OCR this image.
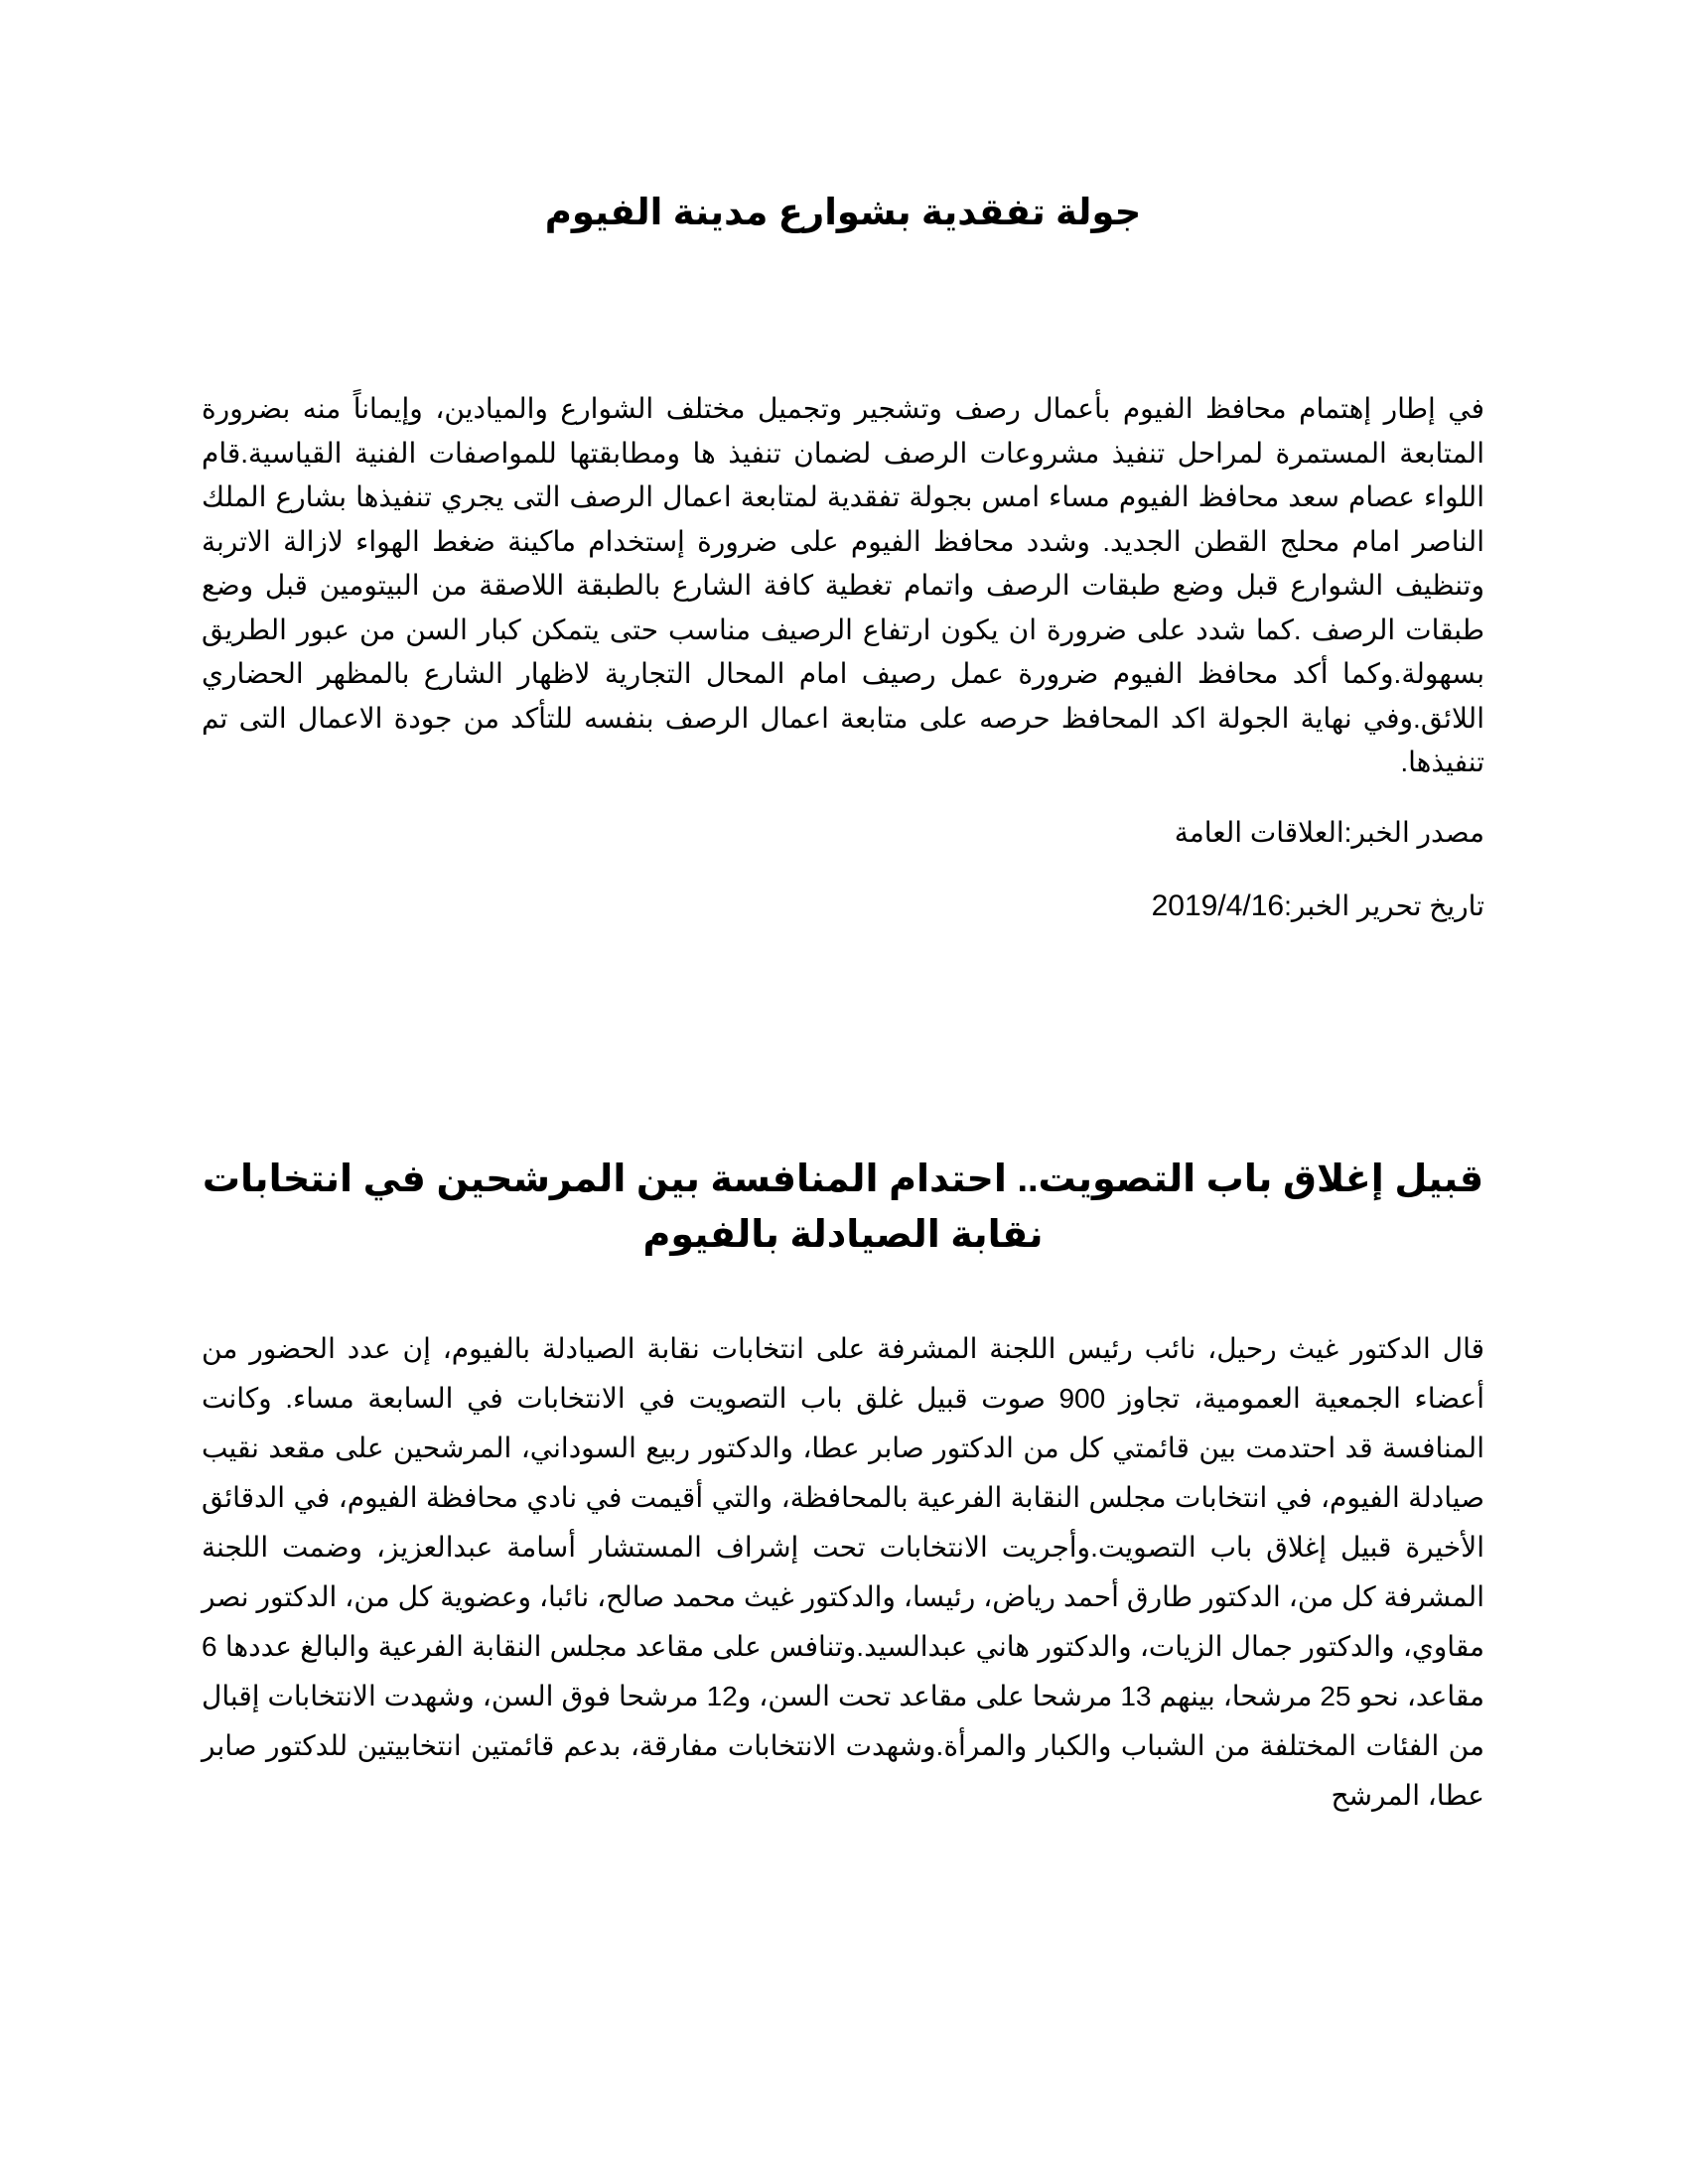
جولة تفقدية بشوارع مدينة الفيوم

في إطار إهتمام محافظ الفيوم بأعمال رصف وتشجير وتجميل مختلف الشوارع والميادين، وإيماناً منه بضرورة المتابعة المستمرة لمراحل تنفيذ مشروعات الرصف لضمان تنفيذ ها ومطابقتها للمواصفات الفنية القياسية.قام اللواء عصام سعد محافظ الفيوم مساء امس بجولة تفقدية لمتابعة اعمال الرصف التى يجري تنفيذها بشارع الملك الناصر امام محلج القطن الجديد. وشدد محافظ الفيوم على ضرورة إستخدام ماكينة ضغط الهواء لازالة الاتربة وتنظيف الشوارع قبل وضع طبقات الرصف واتمام تغطية كافة الشارع بالطبقة اللاصقة من البيتومين قبل وضع طبقات الرصف .كما شدد على ضرورة ان يكون ارتفاع الرصيف مناسب حتى يتمكن كبار السن من عبور الطريق بسهولة.وكما أكد محافظ الفيوم ضرورة عمل رصيف امام المحال التجارية لاظهار الشارع بالمظهر الحضاري اللائق.وفي نهاية الجولة اكد المحافظ حرصه على متابعة اعمال الرصف بنفسه للتأكد من جودة الاعمال التى تم تنفيذها.

مصدر الخبر:العلاقات العامة

تاريخ تحرير الخبر:2019/4/16

قبيل إغلاق باب التصويت.. احتدام المنافسة بين المرشحين في انتخابات نقابة الصيادلة بالفيوم

قال الدكتور غيث رحيل، نائب رئيس اللجنة المشرفة على انتخابات نقابة الصيادلة بالفيوم، إن عدد الحضور من أعضاء الجمعية العمومية، تجاوز 900 صوت قبيل غلق باب التصويت في الانتخابات في السابعة مساء. وكانت المنافسة قد احتدمت بين قائمتي كل من الدكتور صابر عطا، والدكتور ربيع السوداني، المرشحين على مقعد نقيب صيادلة الفيوم، في انتخابات مجلس النقابة الفرعية بالمحافظة، والتي أقيمت في نادي محافظة الفيوم، في الدقائق الأخيرة قبيل إغلاق باب التصويت.وأجريت الانتخابات تحت إشراف المستشار أسامة عبدالعزيز، وضمت اللجنة المشرفة كل من، الدكتور طارق أحمد رياض، رئيسا، والدكتور غيث محمد صالح، نائبا، وعضوية كل من، الدكتور نصر مقاوي، والدكتور جمال الزيات، والدكتور هاني عبدالسيد.وتنافس على مقاعد مجلس النقابة الفرعية والبالغ عددها 6 مقاعد، نحو 25 مرشحا، بينهم 13 مرشحا على مقاعد تحت السن، و12 مرشحا فوق السن، وشهدت الانتخابات إقبال من الفئات المختلفة من الشباب والكبار والمرأة.وشهدت الانتخابات مفارقة، بدعم قائمتين انتخابيتين للدكتور صابر عطا، المرشح
